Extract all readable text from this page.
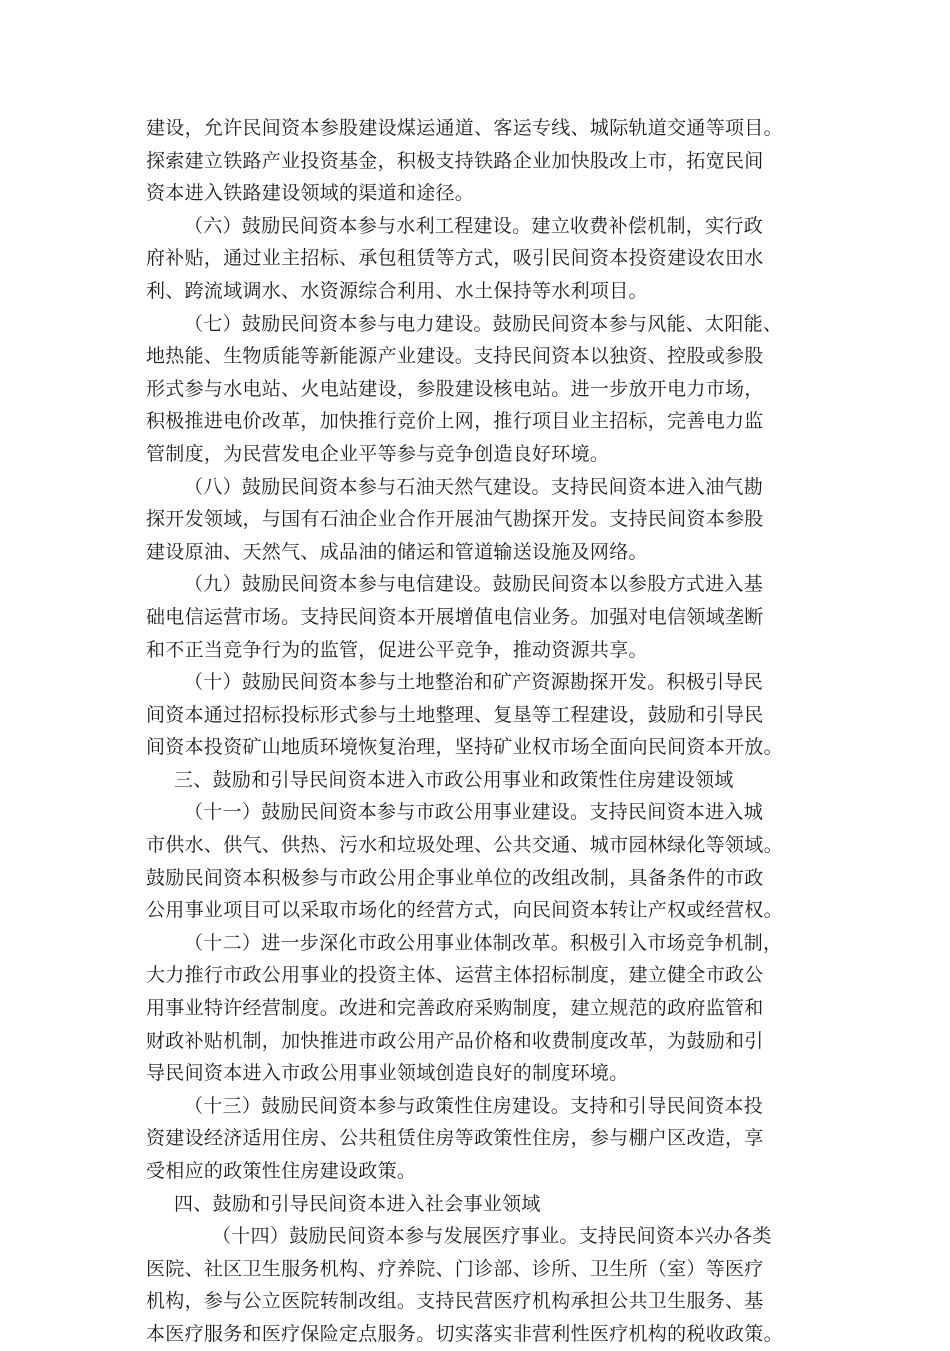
建设，允许民间资本参股建设煤运通道、客运专线、城际轨道交通等项目。
探索建立铁路产业投资基金，积极支持铁路企业加快股改上市，拓宽民间
资本进入铁路建设领域的渠道和途径。
（六）鼓励民间资本参与水利工程建设。建立收费补偿机制，实行政
府补贴，通过业主招标、承包租赁等方式，吸引民间资本投资建设农田水
利、跨流域调水、水资源综合利用、水土保持等水利项目。
（七）鼓励民间资本参与电力建设。鼓励民间资本参与风能、太阳能、
地热能、生物质能等新能源产业建设。支持民间资本以独资、控股或参股
形式参与水电站、火电站建设，参股建设核电站。进一步放开电力市场，
积极推进电价改革，加快推行竞价上网，推行项目业主招标，完善电力监
管制度，为民营发电企业平等参与竞争创造良好环境。
（八）鼓励民间资本参与石油天然气建设。支持民间资本进入油气勘
探开发领域，与国有石油企业合作开展油气勘探开发。支持民间资本参股
建设原油、天然气、成品油的储运和管道输送设施及网络。
（九）鼓励民间资本参与电信建设。鼓励民间资本以参股方式进入基
础电信运营市场。支持民间资本开展增值电信业务。加强对电信领域垄断
和不正当竞争行为的监管，促进公平竞争，推动资源共享。
（十）鼓励民间资本参与土地整治和矿产资源勘探开发。积极引导民
间资本通过招标投标形式参与土地整理、复垦等工程建设，鼓励和引导民
间资本投资矿山地质环境恢复治理，坚持矿业权市场全面向民间资本开放。
三、鼓励和引导民间资本进入市政公用事业和政策性住房建设领域
（十一）鼓励民间资本参与市政公用事业建设。支持民间资本进入城
市供水、供气、供热、污水和垃圾处理、公共交通、城市园林绿化等领域。
鼓励民间资本积极参与市政公用企事业单位的改组改制，具备条件的市政
公用事业项目可以采取市场化的经营方式，向民间资本转让产权或经营权。
（十二）进一步深化市政公用事业体制改革。积极引入市场竞争机制，
大力推行市政公用事业的投资主体、运营主体招标制度，建立健全市政公
用事业特许经营制度。改进和完善政府采购制度，建立规范的政府监管和
财政补贴机制，加快推进市政公用产品价格和收费制度改革，为鼓励和引
导民间资本进入市政公用事业领域创造良好的制度环境。
（十三）鼓励民间资本参与政策性住房建设。支持和引导民间资本投
资建设经济适用住房、公共租赁住房等政策性住房，参与棚户区改造，享
受相应的政策性住房建设政策。
四、鼓励和引导民间资本进入社会事业领域
（十四）鼓励民间资本参与发展医疗事业。支持民间资本兴办各类
医院、社区卫生服务机构、疗养院、门诊部、诊所、卫生所（室）等医疗
机构，参与公立医院转制改组。支持民营医疗机构承担公共卫生服务、基
本医疗服务和医疗保险定点服务。切实落实非营利性医疗机构的税收政策。
